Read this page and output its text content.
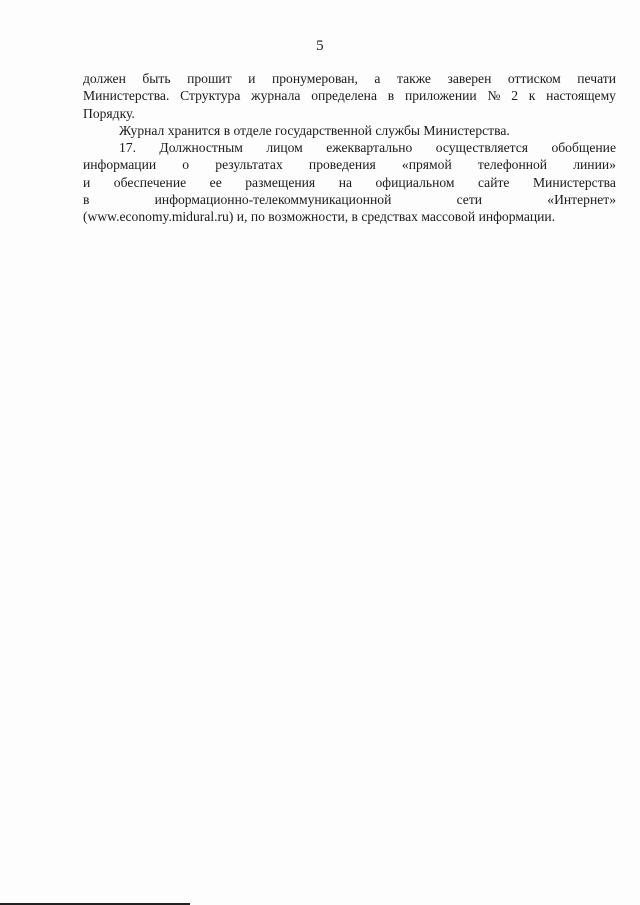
5
должен быть прошит и пронумерован, а также заверен оттиском печати
Министерства. Структура журнала определена в приложении № 2 к настоящему
Порядку.
Журнал хранится в отделе государственной службы Министерства.
17. Должностным лицом ежеквартально осуществляется обобщение
информации о результатах проведения «прямой телефонной линии»
и обеспечение ее размещения на официальном сайте Министерства
в	информационно-телекоммуникационной	сети	«Интернет»
(www.economy.midural.ru) и, по возможности, в средствах массовой информации.
